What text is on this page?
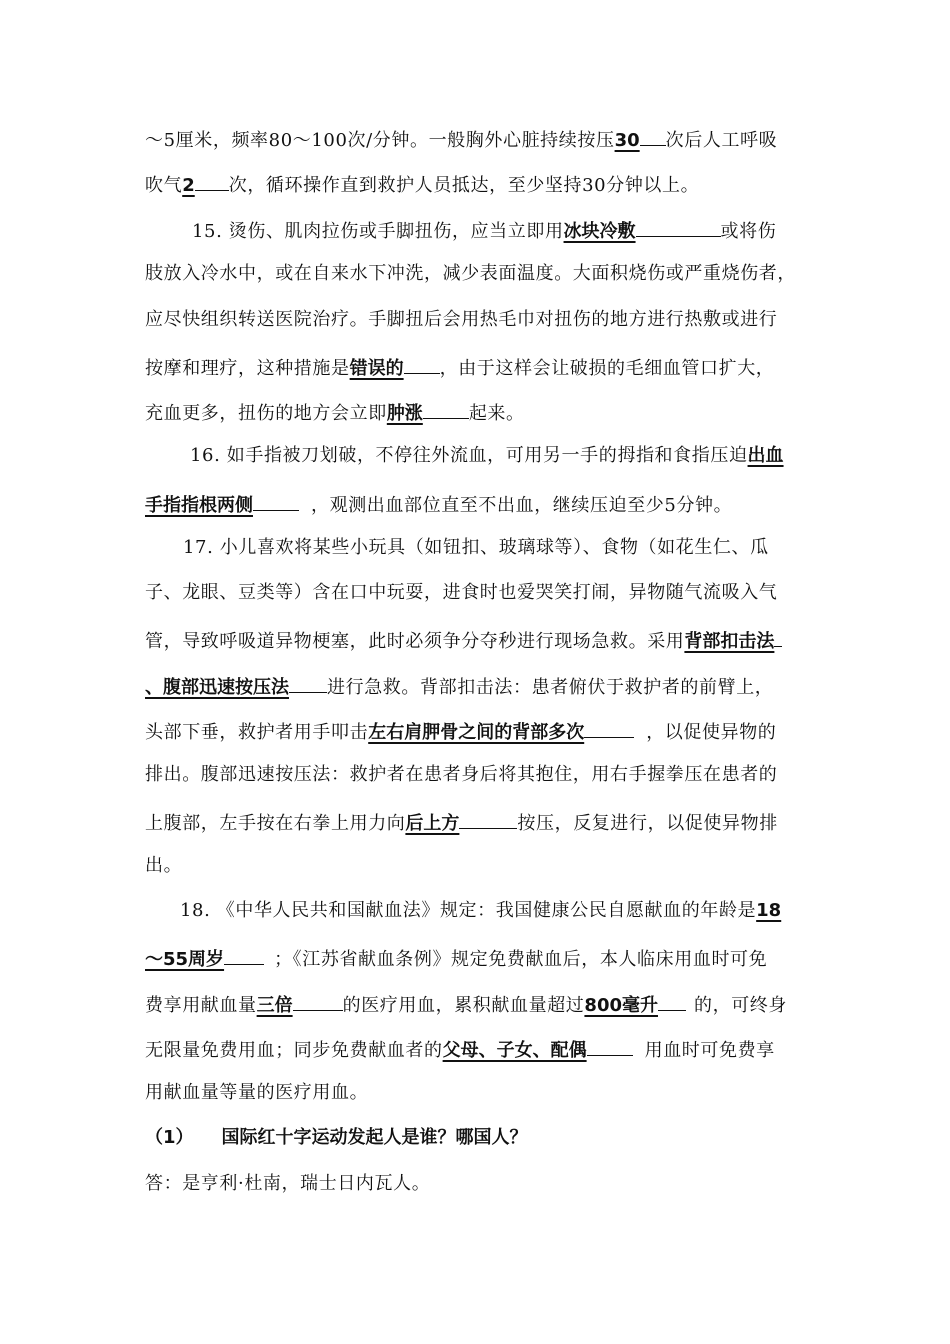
～5厘米，频率80～100次/分钟。一般胸外心脏持续按压30 次后人工呼吸
吹气2 次，循环操作直到救护人员抵达，至少坚持30分钟以上。
15. 烫伤、肌肉拉伤或手脚扭伤，应当立即用冰块冷敷	或将伤
肢放入冷水中，或在自来水下冲洗，减少表面温度。大面积烧伤或严重烧伤者，
应尽快组织转送医院治疗。手脚扭后会用热毛巾对扭伤的地方进行热敷或进行
按摩和理疗，这种措施是错误的 ，由于这样会让破损的毛细血管口扩大，
充血更多，扭伤的地方会立即肿涨	起来。
16. 如手指被刀划破，不停往外流血，可用另一手的拇指和食指压迫出血
手指指根两侧	，观测出血部位直至不出血，继续压迫至少5分钟。
17. 小儿喜欢将某些小玩具（如钮扣、玻璃球等）、食物（如花生仁、瓜
子、龙眼、豆类等）含在口中玩耍，进食时也爱哭笑打闹，异物随气流吸入气
管，导致呼吸道异物梗塞，此时必须争分夺秒进行现场急救。采用背部扣击法
、腹部迅速按压法 进行急救。背部扣击法：患者俯伏于救护者的前臂上，
头部下垂，救护者用手叩击左右肩胛骨之间的背部多次	，以促使异物的
排出。腹部迅速按压法：救护者在患者身后将其抱住，用右手握拳压在患者的
上腹部，左手按在右拳上用力向后上方	按压，反复进行，以促使异物排
出。
18. 《中华人民共和国献血法》规定：我国健康公民自愿献血的年龄是18
～55周岁	；《江苏省献血条例》规定免费献血后，本人临床用血时可免
费享用献血量三倍	的医疗用血，累积献血量超过800毫升 的，可终身
无限量免费用血；同步免费献血者的父母、子女、配偶	用血时可免费享
用献血量等量的医疗用血。
（1） 国际红十字运动发起人是谁？哪国人？
答：是亨利·杜南，瑞士日内瓦人。
